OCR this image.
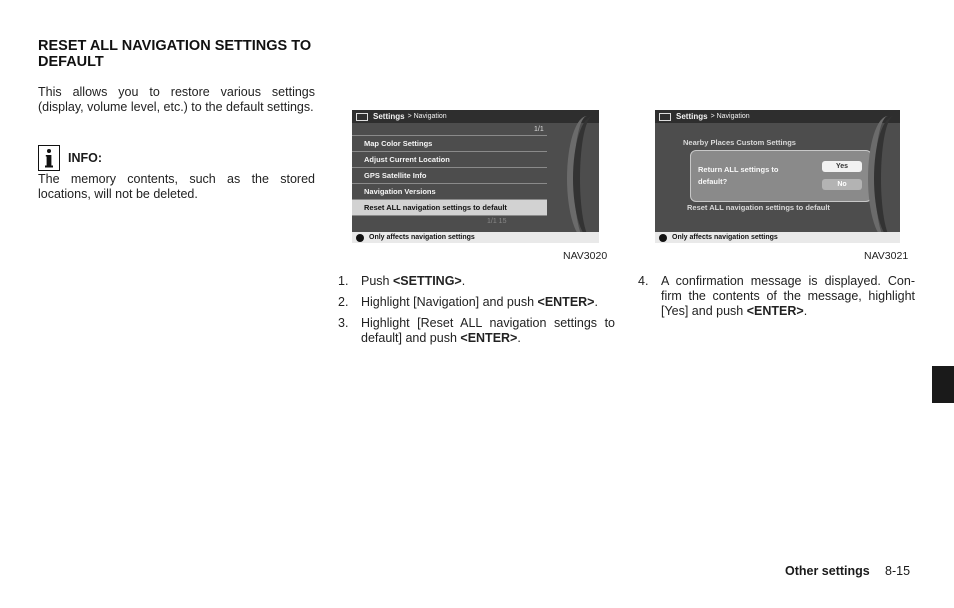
RESET ALL NAVIGATION SETTINGS TO DEFAULT
This allows you to restore various settings (display, volume level, etc.) to the default settings.
INFO:
The memory contents, such as the stored locations, will not be deleted.
Settings > Navigation
Map Color Settings
Adjust Current Location
GPS Satellite Info
Navigation Versions
Reset ALL navigation settings to default
1/1
1/1 15
Only affects navigation settings
NAV3020
Settings > Navigation
Nearby Places Custom Settings
Return ALL settings to default?
Yes
No
Reset ALL navigation settings to default
Only affects navigation settings
NAV3021
1. Push <SETTING>.
2. Highlight [Navigation] and push <ENTER>.
3. Highlight [Reset ALL navigation settings to default] and push <ENTER>.
4. A confirmation message is displayed. Con-firm the contents of the message, highlight [Yes] and push <ENTER>.
Other settings 8-15
